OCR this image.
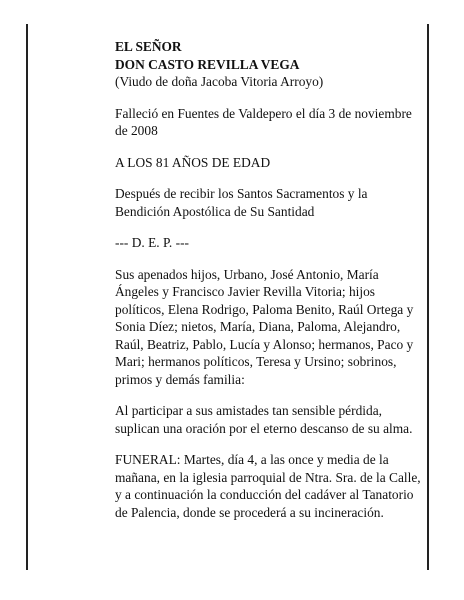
EL SEÑOR

DON CASTO REVILLA VEGA

(Viudo de doña Jacoba Vitoria Arroyo)

Falleció en Fuentes de Valdepero el día 3 de noviembre de 2008

A LOS 81 AÑOS DE EDAD

Después de recibir los Santos Sacramentos y la Bendición Apostólica de Su Santidad

--- D. E. P. ---

Sus apenados hijos, Urbano, José Antonio, María Ángeles y Francisco Javier Revilla Vitoria; hijos políticos, Elena Rodrigo, Paloma Benito, Raúl Ortega y Sonia Díez; nietos, María, Diana, Paloma, Alejandro, Raúl, Beatriz, Pablo, Lucía y Alonso; hermanos, Paco y Mari; hermanos políticos, Teresa y Ursino; sobrinos, primos y demás familia:

Al participar a sus amistades tan sensible pérdida, suplican una oración por el eterno descanso de su alma.

FUNERAL: Martes, día 4, a las once y media de la mañana, en la iglesia parroquial de Ntra. Sra. de la Calle, y a continuación la conducción del cadáver al Tanatorio de Palencia, donde se procederá a su incineración.
